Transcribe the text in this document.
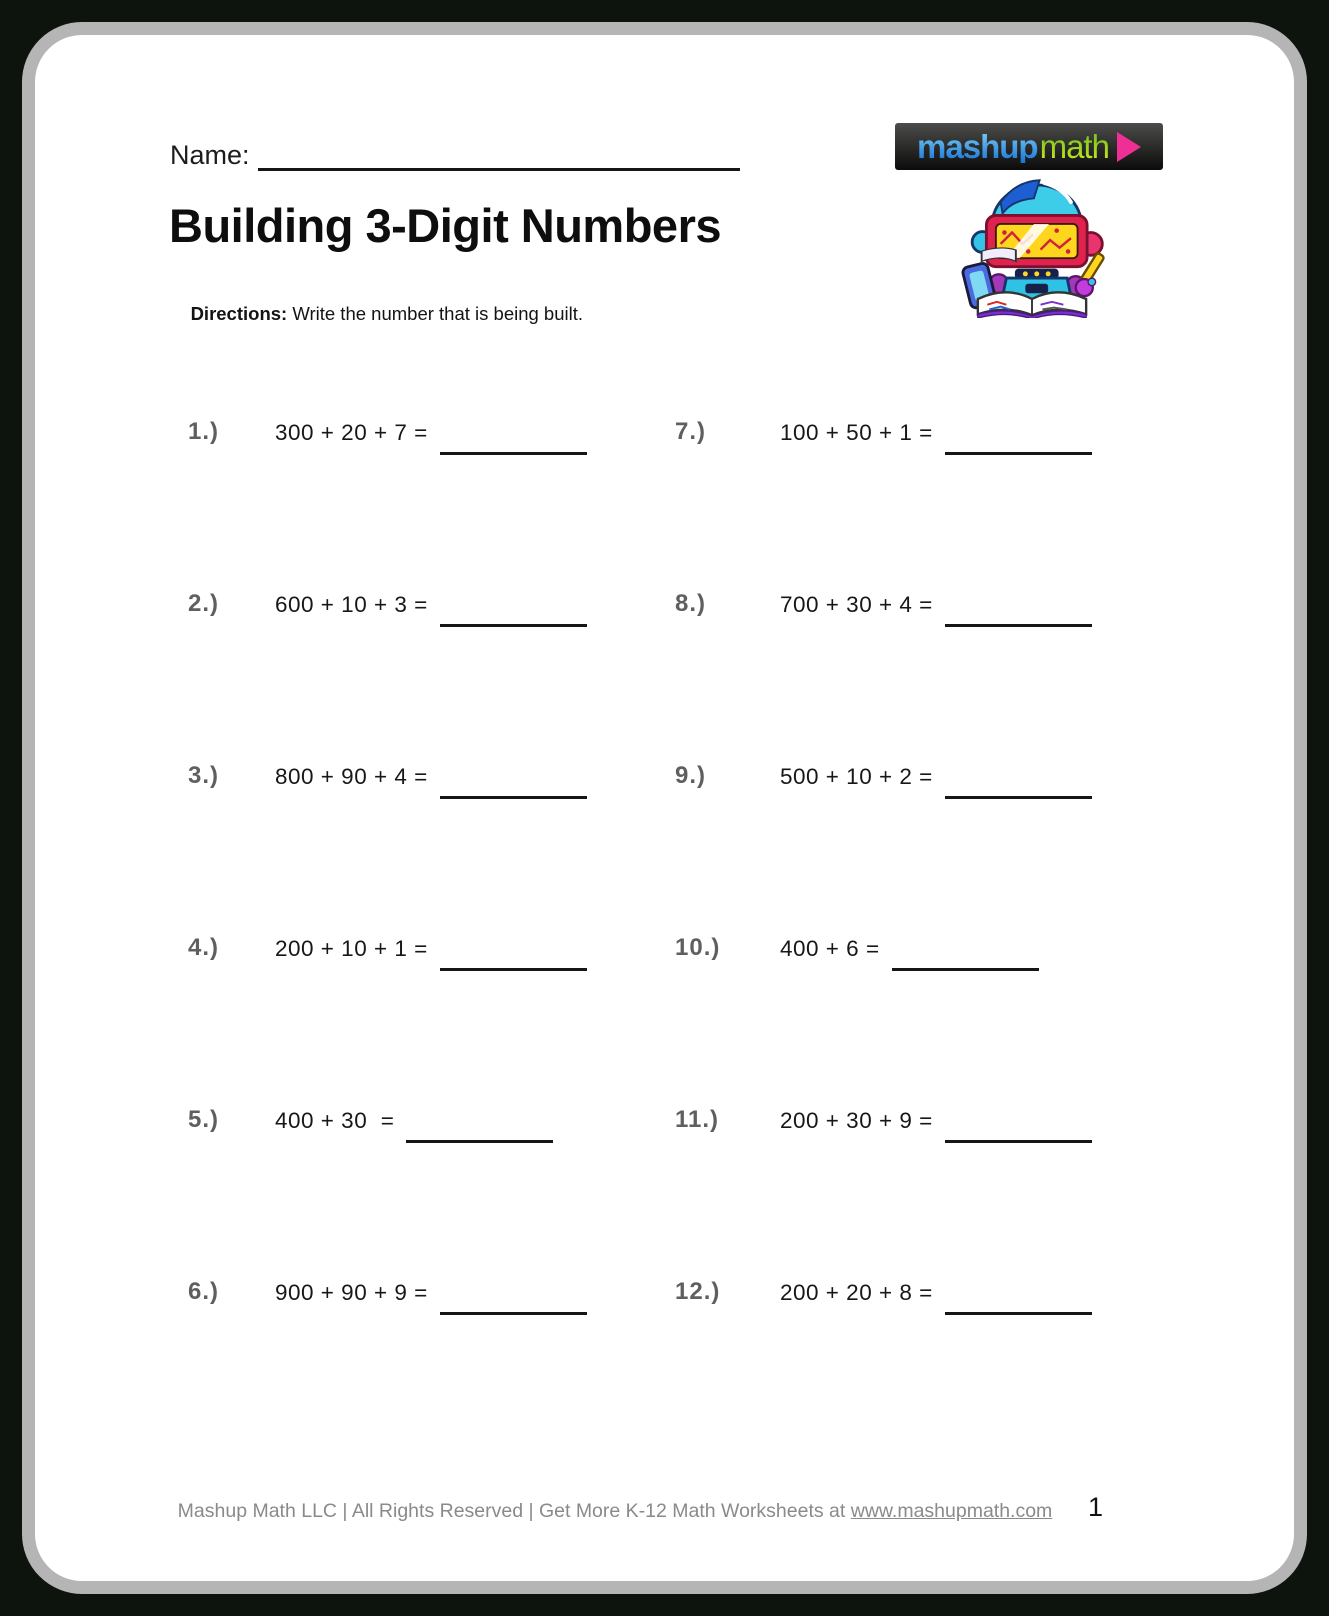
Name:	mashup math
Building 3-Digit Numbers

Directions: Write the number that is being built.

1.)	300 + 20 + 7 =	7.)	100 + 50 + 1 =
2.)	600 + 10 + 3 =	8.)	700 + 30 + 4 =
3.)	800 + 90 + 4 =	9.)	500 + 10 + 2 =
4.)	200 + 10 + 1 =	10.)	400 + 6 =
5.)	400 + 30  =	11.)	200 + 30 + 9 =
6.)	900 + 90 + 9 =	12.)	200 + 20 + 8 =
Mashup Math LLC | All Rights Reserved | Get More K-12 Math Worksheets at www.mashupmath.com	1
